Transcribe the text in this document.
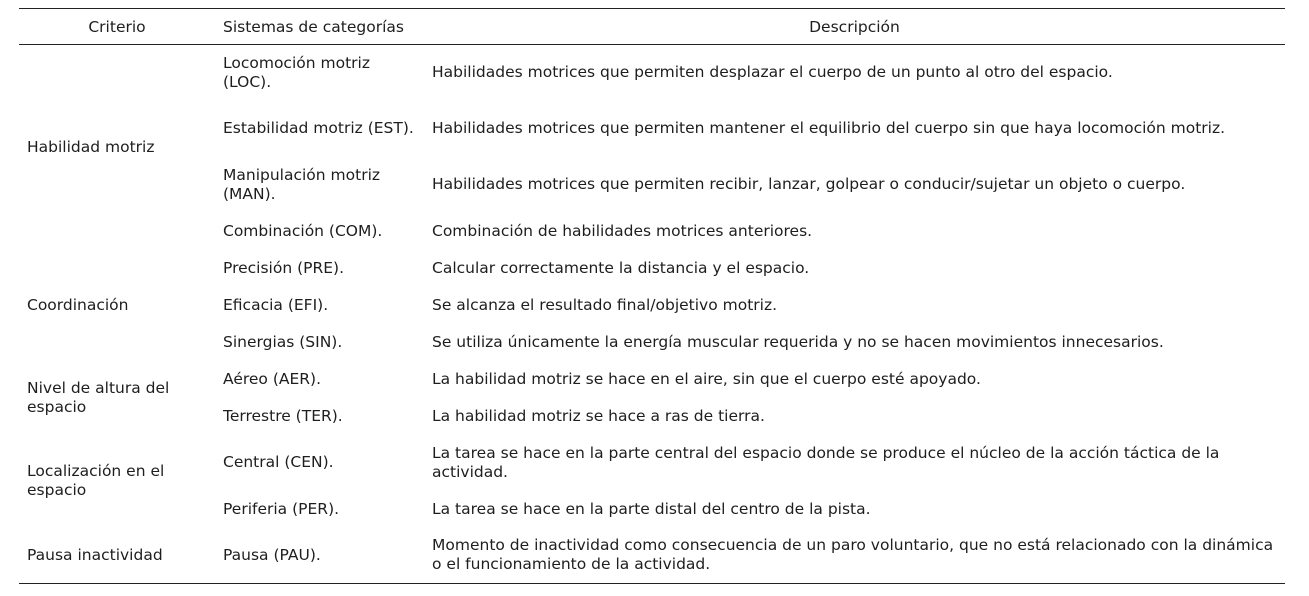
Criterio	Sistemas de categorías	Descripción
Habilidad motriz	Locomoción motriz (LOC).	Habilidades motrices que permiten desplazar el cuerpo de un punto al otro del espacio.
	Estabilidad motriz (EST).	Habilidades motrices que permiten mantener el equilibrio del cuerpo sin que haya locomoción motriz.
	Manipulación motriz (MAN).	Habilidades motrices que permiten recibir, lanzar, golpear o conducir/sujetar un objeto o cuerpo.
	Combinación (COM).	Combinación de habilidades motrices anteriores.
Coordinación	Precisión (PRE).	Calcular correctamente la distancia y el espacio.
	Eficacia (EFI).	Se alcanza el resultado final/objetivo motriz.
	Sinergias (SIN).	Se utiliza únicamente la energía muscular requerida y no se hacen movimientos innecesarios.
Nivel de altura del espacio	Aéreo (AER).	La habilidad motriz se hace en el aire, sin que el cuerpo esté apoyado.
	Terrestre (TER).	La habilidad motriz se hace a ras de tierra.
Localización en el espacio	Central (CEN).	La tarea se hace en la parte central del espacio donde se produce el núcleo de la acción táctica de la actividad.
	Periferia (PER).	La tarea se hace en la parte distal del centro de la pista.
Pausa inactividad	Pausa (PAU).	Momento de inactividad como consecuencia de un paro voluntario, que no está relacionado con la dinámica o el funcionamiento de la actividad.
